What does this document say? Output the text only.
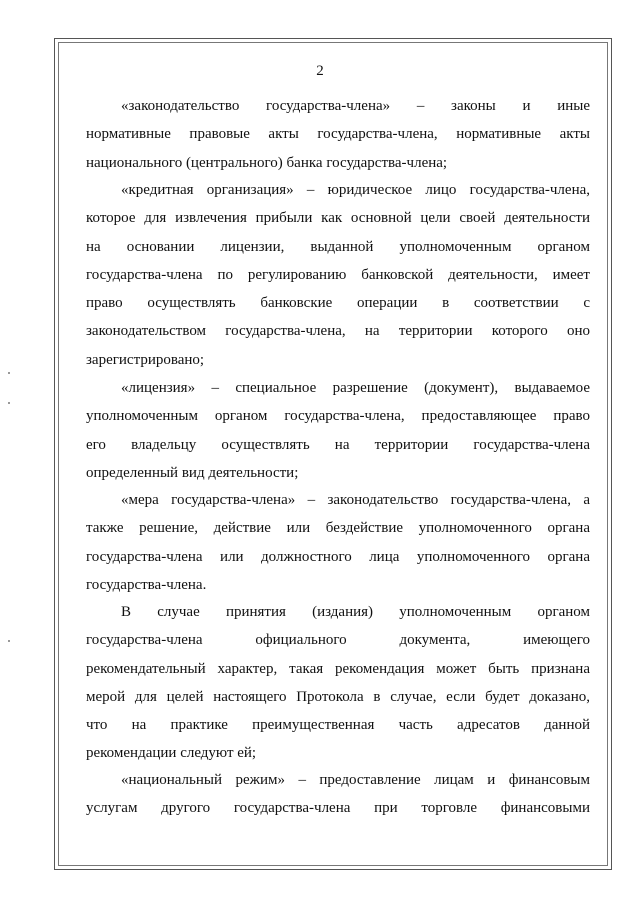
2
«законодательство государства-члена» – законы и иные
нормативные правовые акты государства-члена, нормативные акты
национального (центрального) банка государства-члена;
«кредитная организация» – юридическое лицо государства-члена,
которое для извлечения прибыли как основной цели своей деятельности
на основании лицензии, выданной уполномоченным органом
государства-члена по регулированию банковской деятельности, имеет
право осуществлять банковские операции в соответствии с
законодательством государства-члена, на территории которого оно
зарегистрировано;
«лицензия» – специальное разрешение (документ), выдаваемое
уполномоченным органом государства-члена, предоставляющее право
его владельцу осуществлять на территории государства-члена
определенный вид деятельности;
«мера государства-члена» – законодательство государства-члена, а
также решение, действие или бездействие уполномоченного органа
государства-члена или должностного лица уполномоченного органа
государства-члена.
В случае принятия (издания) уполномоченным органом
государства-члена официального документа, имеющего
рекомендательный характер, такая рекомендация может быть признана
мерой для целей настоящего Протокола в случае, если будет доказано,
что на практике преимущественная часть адресатов данной
рекомендации следуют ей;
«национальный режим» – предоставление лицам и финансовым
услугам другого государства-члена при торговле финансовыми
